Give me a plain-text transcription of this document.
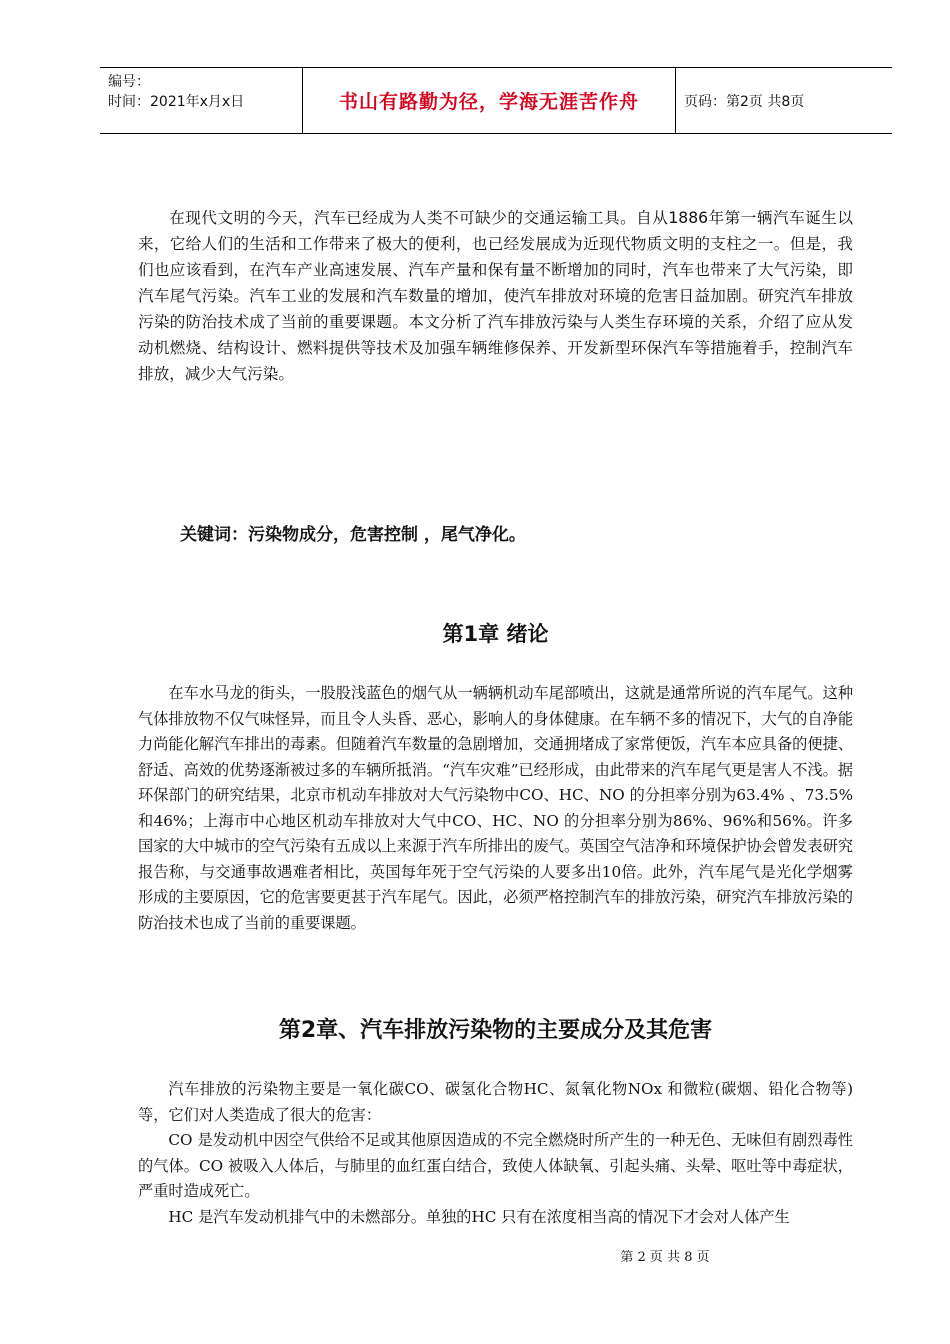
编号：
时间：2021年x月x日	书山有路勤为径，学海无涯苦作舟	页码：第2页 共8页

在现代文明的今天，汽车已经成为人类不可缺少的交通运输工具。自从1886年第一辆汽车诞生以来，它给人们的生活和工作带来了极大的便利，也已经发展成为近现代物质文明的支柱之一。但是，我们也应该看到，在汽车产业高速发展、汽车产量和保有量不断增加的同时，汽车也带来了大气污染，即汽车尾气污染。汽车工业的发展和汽车数量的增加，使汽车排放对环境的危害日益加剧。研究汽车排放污染的防治技术成了当前的重要课题。本文分析了汽车排放污染与人类生存环境的关系，介绍了应从发动机燃烧、结构设计、燃料提供等技术及加强车辆维修保养、开发新型环保汽车等措施着手，控制汽车排放，减少大气污染。

关键词：污染物成分，危害控制 ，尾气净化。
第1章 绪论

在车水马龙的街头，一股股浅蓝色的烟气从一辆辆机动车尾部喷出，这就是通常所说的汽车尾气。这种气体排放物不仅气味怪异，而且令人头昏、恶心，影响人的身体健康。在车辆不多的情况下，大气的自净能力尚能化解汽车排出的毒素。但随着汽车数量的急剧增加，交通拥堵成了家常便饭，汽车本应具备的便捷、舒适、高效的优势逐渐被过多的车辆所抵消。“汽车灾难”已经形成，由此带来的汽车尾气更是害人不浅。据环保部门的研究结果，北京市机动车排放对大气污染物中CO、HC、NO 的分担率分别为63.4% 、73.5% 和46%；上海市中心地区机动车排放对大气中CO、HC、NO 的分担率分别为86%、96%和56%。许多国家的大中城市的空气污染有五成以上来源于汽车所排出的废气。英国空气洁净和环境保护协会曾发表研究报告称，与交通事故遇难者相比，英国每年死于空气污染的人要多出10倍。此外，汽车尾气是光化学烟雾形成的主要原因，它的危害要更甚于汽车尾气。因此，必须严格控制汽车的排放污染，研究汽车排放污染的防治技术也成了当前的重要课题。

第2章、汽车排放污染物的主要成分及其危害

汽车排放的污染物主要是一氧化碳CO、碳氢化合物HC、氮氧化物NOx 和微粒(碳烟、铅化合物等)等，它们对人类造成了很大的危害：

CO 是发动机中因空气供给不足或其他原因造成的不完全燃烧时所产生的一种无色、无味但有剧烈毒性的气体。CO 被吸入人体后，与肺里的血红蛋白结合，致使人体缺氧、引起头痛、头晕、呕吐等中毒症状，严重时造成死亡。

HC 是汽车发动机排气中的未燃部分。单独的HC 只有在浓度相当高的情况下才会对人体产生

第 2 页 共 8 页
